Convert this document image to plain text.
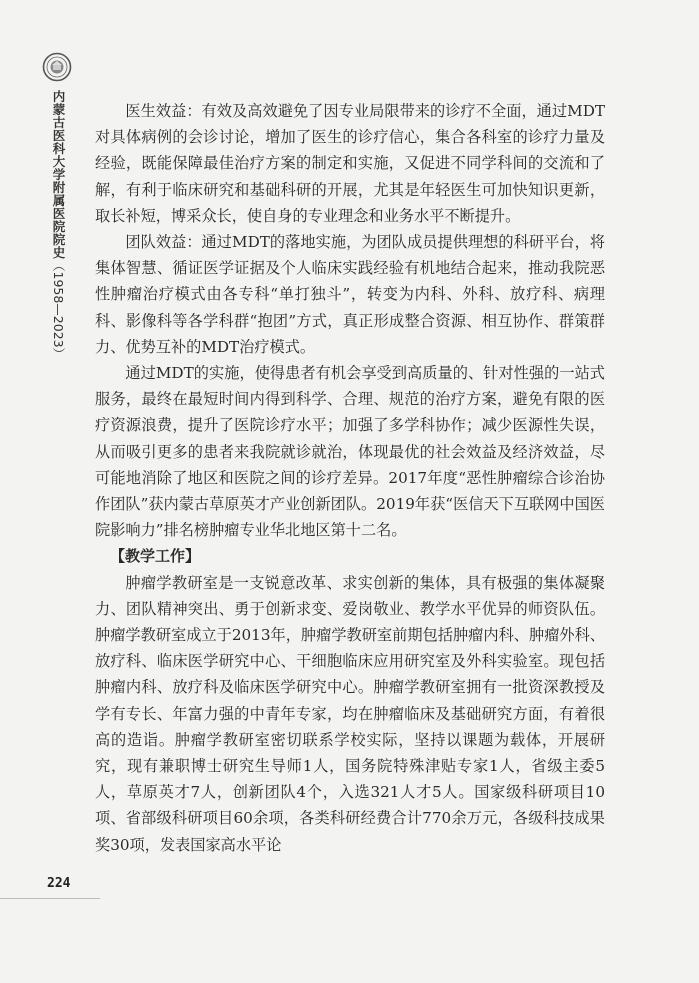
内蒙古医科大学附属医院院史（1958—2023）

医生效益：有效及高效避免了因专业局限带来的诊疗不全面，通过MDT对具体病例的会诊讨论，增加了医生的诊疗信心，集合各科室的诊疗力量及经验，既能保障最佳治疗方案的制定和实施，又促进不同学科间的交流和了解，有利于临床研究和基础科研的开展，尤其是年轻医生可加快知识更新，取长补短，博采众长，使自身的专业理念和业务水平不断提升。

团队效益：通过MDT的落地实施，为团队成员提供理想的科研平台，将集体智慧、循证医学证据及个人临床实践经验有机地结合起来，推动我院恶性肿瘤治疗模式由各专科“单打独斗”，转变为内科、外科、放疗科、病理科、影像科等各学科群“抱团”方式，真正形成整合资源、相互协作、群策群力、优势互补的MDT治疗模式。

通过MDT的实施，使得患者有机会享受到高质量的、针对性强的一站式服务，最终在最短时间内得到科学、合理、规范的治疗方案，避免有限的医疗资源浪费，提升了医院诊疗水平；加强了多学科协作；减少医源性失误，从而吸引更多的患者来我院就诊就治，体现最优的社会效益及经济效益，尽可能地消除了地区和医院之间的诊疗差异。2017年度“恶性肿瘤综合诊治协作团队”获内蒙古草原英才产业创新团队。2019年获“医信天下互联网中国医院影响力”排名榜肿瘤专业华北地区第十二名。

【教学工作】

肿瘤学教研室是一支锐意改革、求实创新的集体，具有极强的集体凝聚力、团队精神突出、勇于创新求变、爱岗敬业、教学水平优异的师资队伍。肿瘤学教研室成立于2013年，肿瘤学教研室前期包括肿瘤内科、肿瘤外科、放疗科、临床医学研究中心、干细胞临床应用研究室及外科实验室。现包括肿瘤内科、放疗科及临床医学研究中心。肿瘤学教研室拥有一批资深教授及学有专长、年富力强的中青年专家，均在肿瘤临床及基础研究方面，有着很高的造诣。肿瘤学教研室密切联系学校实际，坚持以课题为载体，开展研究，现有兼职博士研究生导师1人，国务院特殊津贴专家1人，省级主委5人，草原英才7人，创新团队4个，入选321人才5人。国家级科研项目10项、省部级科研项目60余项，各类科研经费合计770余万元，各级科技成果奖30项，发表国家高水平论

224
